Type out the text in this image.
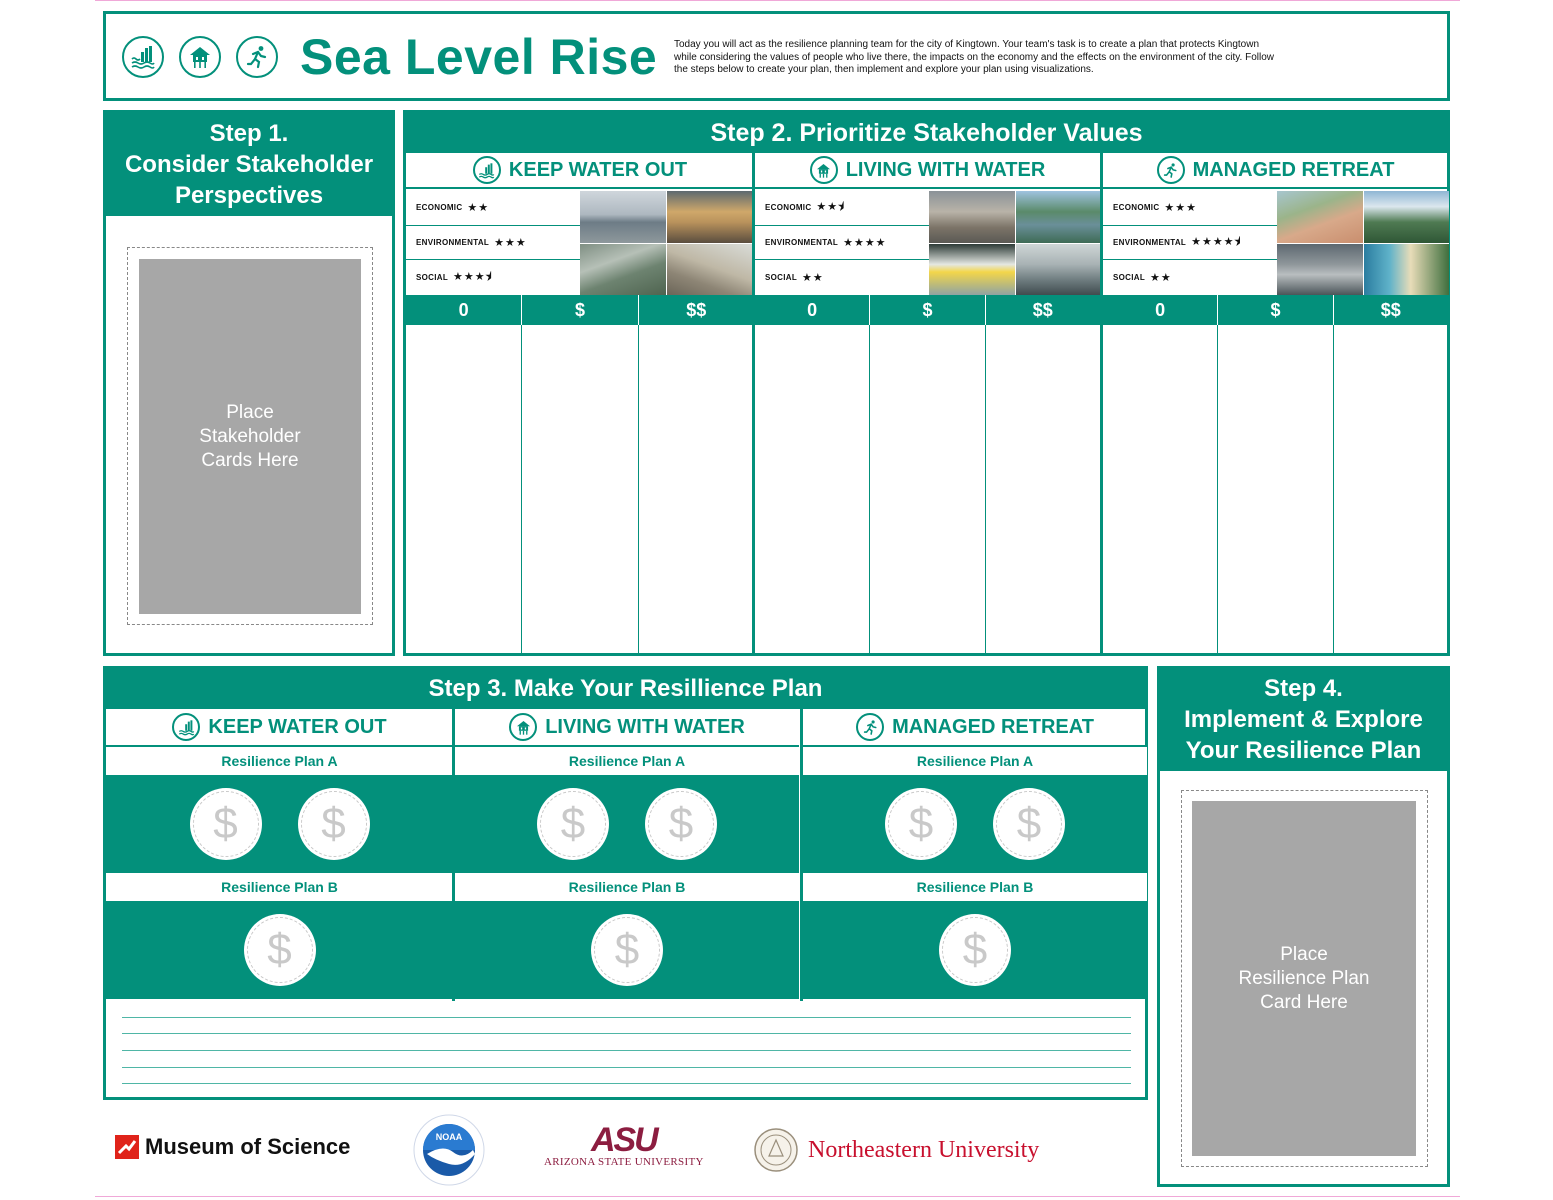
Sea Level Rise Today you will act as the resilience planning team for the city of Kingtown. Your team's task is to create a plan that protects Kingtown while considering the values of people who live there, the impacts on the economy and the effects on the environment of the city. Follow the steps below to create your plan, then implement and explore your plan using visualizations.
Step 1.
Consider Stakeholder
Perspectives
Place
Stakeholder
Cards Here
Step 2. Prioritize Stakeholder Values
KEEP WATER OUT
ECONOMIC ★★
ENVIRONMENTAL ★★★
SOCIAL ★★★⯨
0	$	$$
LIVING WITH WATER
ECONOMIC ★★⯨
ENVIRONMENTAL ★★★★
SOCIAL ★★
0	$	$$
MANAGED RETREAT
ECONOMIC ★★★
ENVIRONMENTAL ★★★★⯨
SOCIAL ★★
0	$	$$
Step 3. Make Your Resillience Plan
KEEP WATER OUT
Resilience Plan A
$	$
Resilience Plan B
$
LIVING WITH WATER
Resilience Plan A
$	$
Resilience Plan B
$
MANAGED RETREAT
Resilience Plan A
$	$
Resilience Plan B
$
Step 4.
Implement & Explore
Your Resilience Plan
Place
Resilience Plan
Card Here
Museum of Science	NOAA	ASU
ARIZONA STATE UNIVERSITY	Northeastern University
